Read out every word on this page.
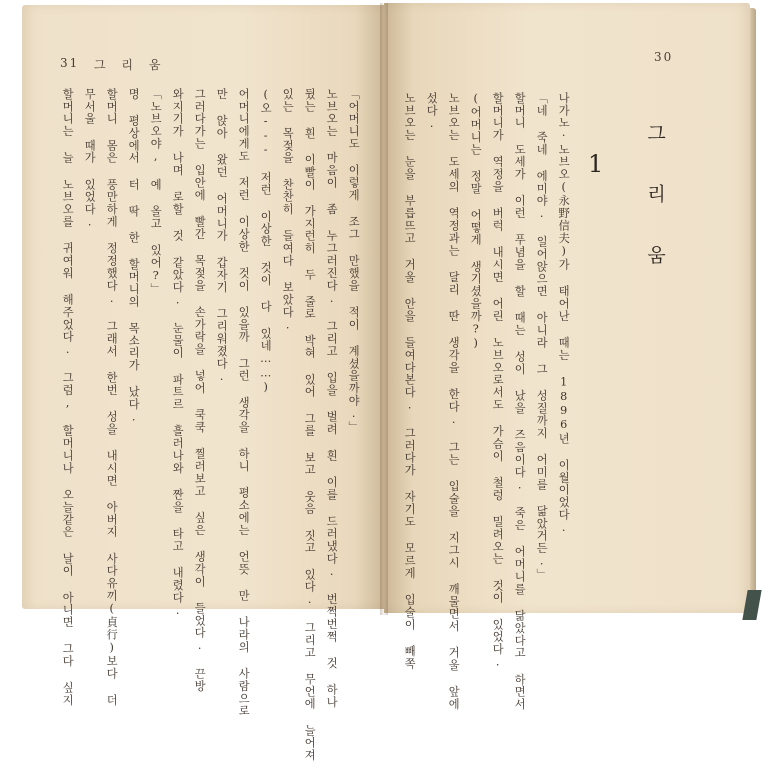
31 그 리 움
30
할머니는 늘 노브오를 귀여워 해주었다. 그럼, 할머니나 오늘같은 날이 아니면 그다 싶지 무서울 때가 있었다. 할머니 몸은 풍만하게 정정했다. 그래서 한번 성을 내시면 아버지 사다유끼(貞行)보다 더 명 평상에서 터 딱 한 할머니의 목소리가 났다. 「노브오야, 예 올고 있어?」 와지기가 나며 로할 것 같았다. 눈물이 파트르 흘러나와 짠을 타고 내렸다. 그러다가는 입안에 빨간 목젖을 손가락을 넣어 쿡쿡 찔러보고 싶은 생각이 들었다. 끈방 만 앉아 왔던 어머니가 갑자기 그리워졌다. 어머니에게도 저런 이상한 것이 있을까 그런 생각을 하니 평소에는 언뜻 만 나라의 사람으로 (오--- 저런 이상한 것이 다 있네……) 있는 목젖을 찬찬히 들여다 보았다. 뒸는 흰 이빨이 가지런히 두 줄로 박혀 있어 그를 보고 웃음 짓고 있다. 그리고 무언에 늘어져 노브오는 마음이 좀 누그러진다. 그리고 입을 벌려 흰 이를 드러냈다. 번쩍번쩍 것 하나 「어머니도 이렇게 조그 만했을 적이 계셨을까야.」	노브오는 눈을 부릅뜨고 거울 안을 들여다본다. 그러다가 자기도 모르게 입술이 빼쪽 섰다. 노브오는 도세의 역정과는 달리 딴 생각을 한다. 그는 입술을 지그시 깨물면서 거울 앞에 (어머니는 정말 어떻게 생기셨을까?) 할머니가 역정을 버럭 내시면 어린 노브오로서도 가슴이 철렁 밀려오는 것이 있었다. 할머니 도세가 이런 푸념을 할 때는 성이 났을 즈음이다. 죽은 어머니를 닮았다고 하면서 「네 죽네 에미야. 일어앉으면 아니라 그 성질까지 어미를 닮았거든.」 나가노·노브오(永野信夫)가 태어난 때는 1896년 이월이었다. 1 그 리 움
